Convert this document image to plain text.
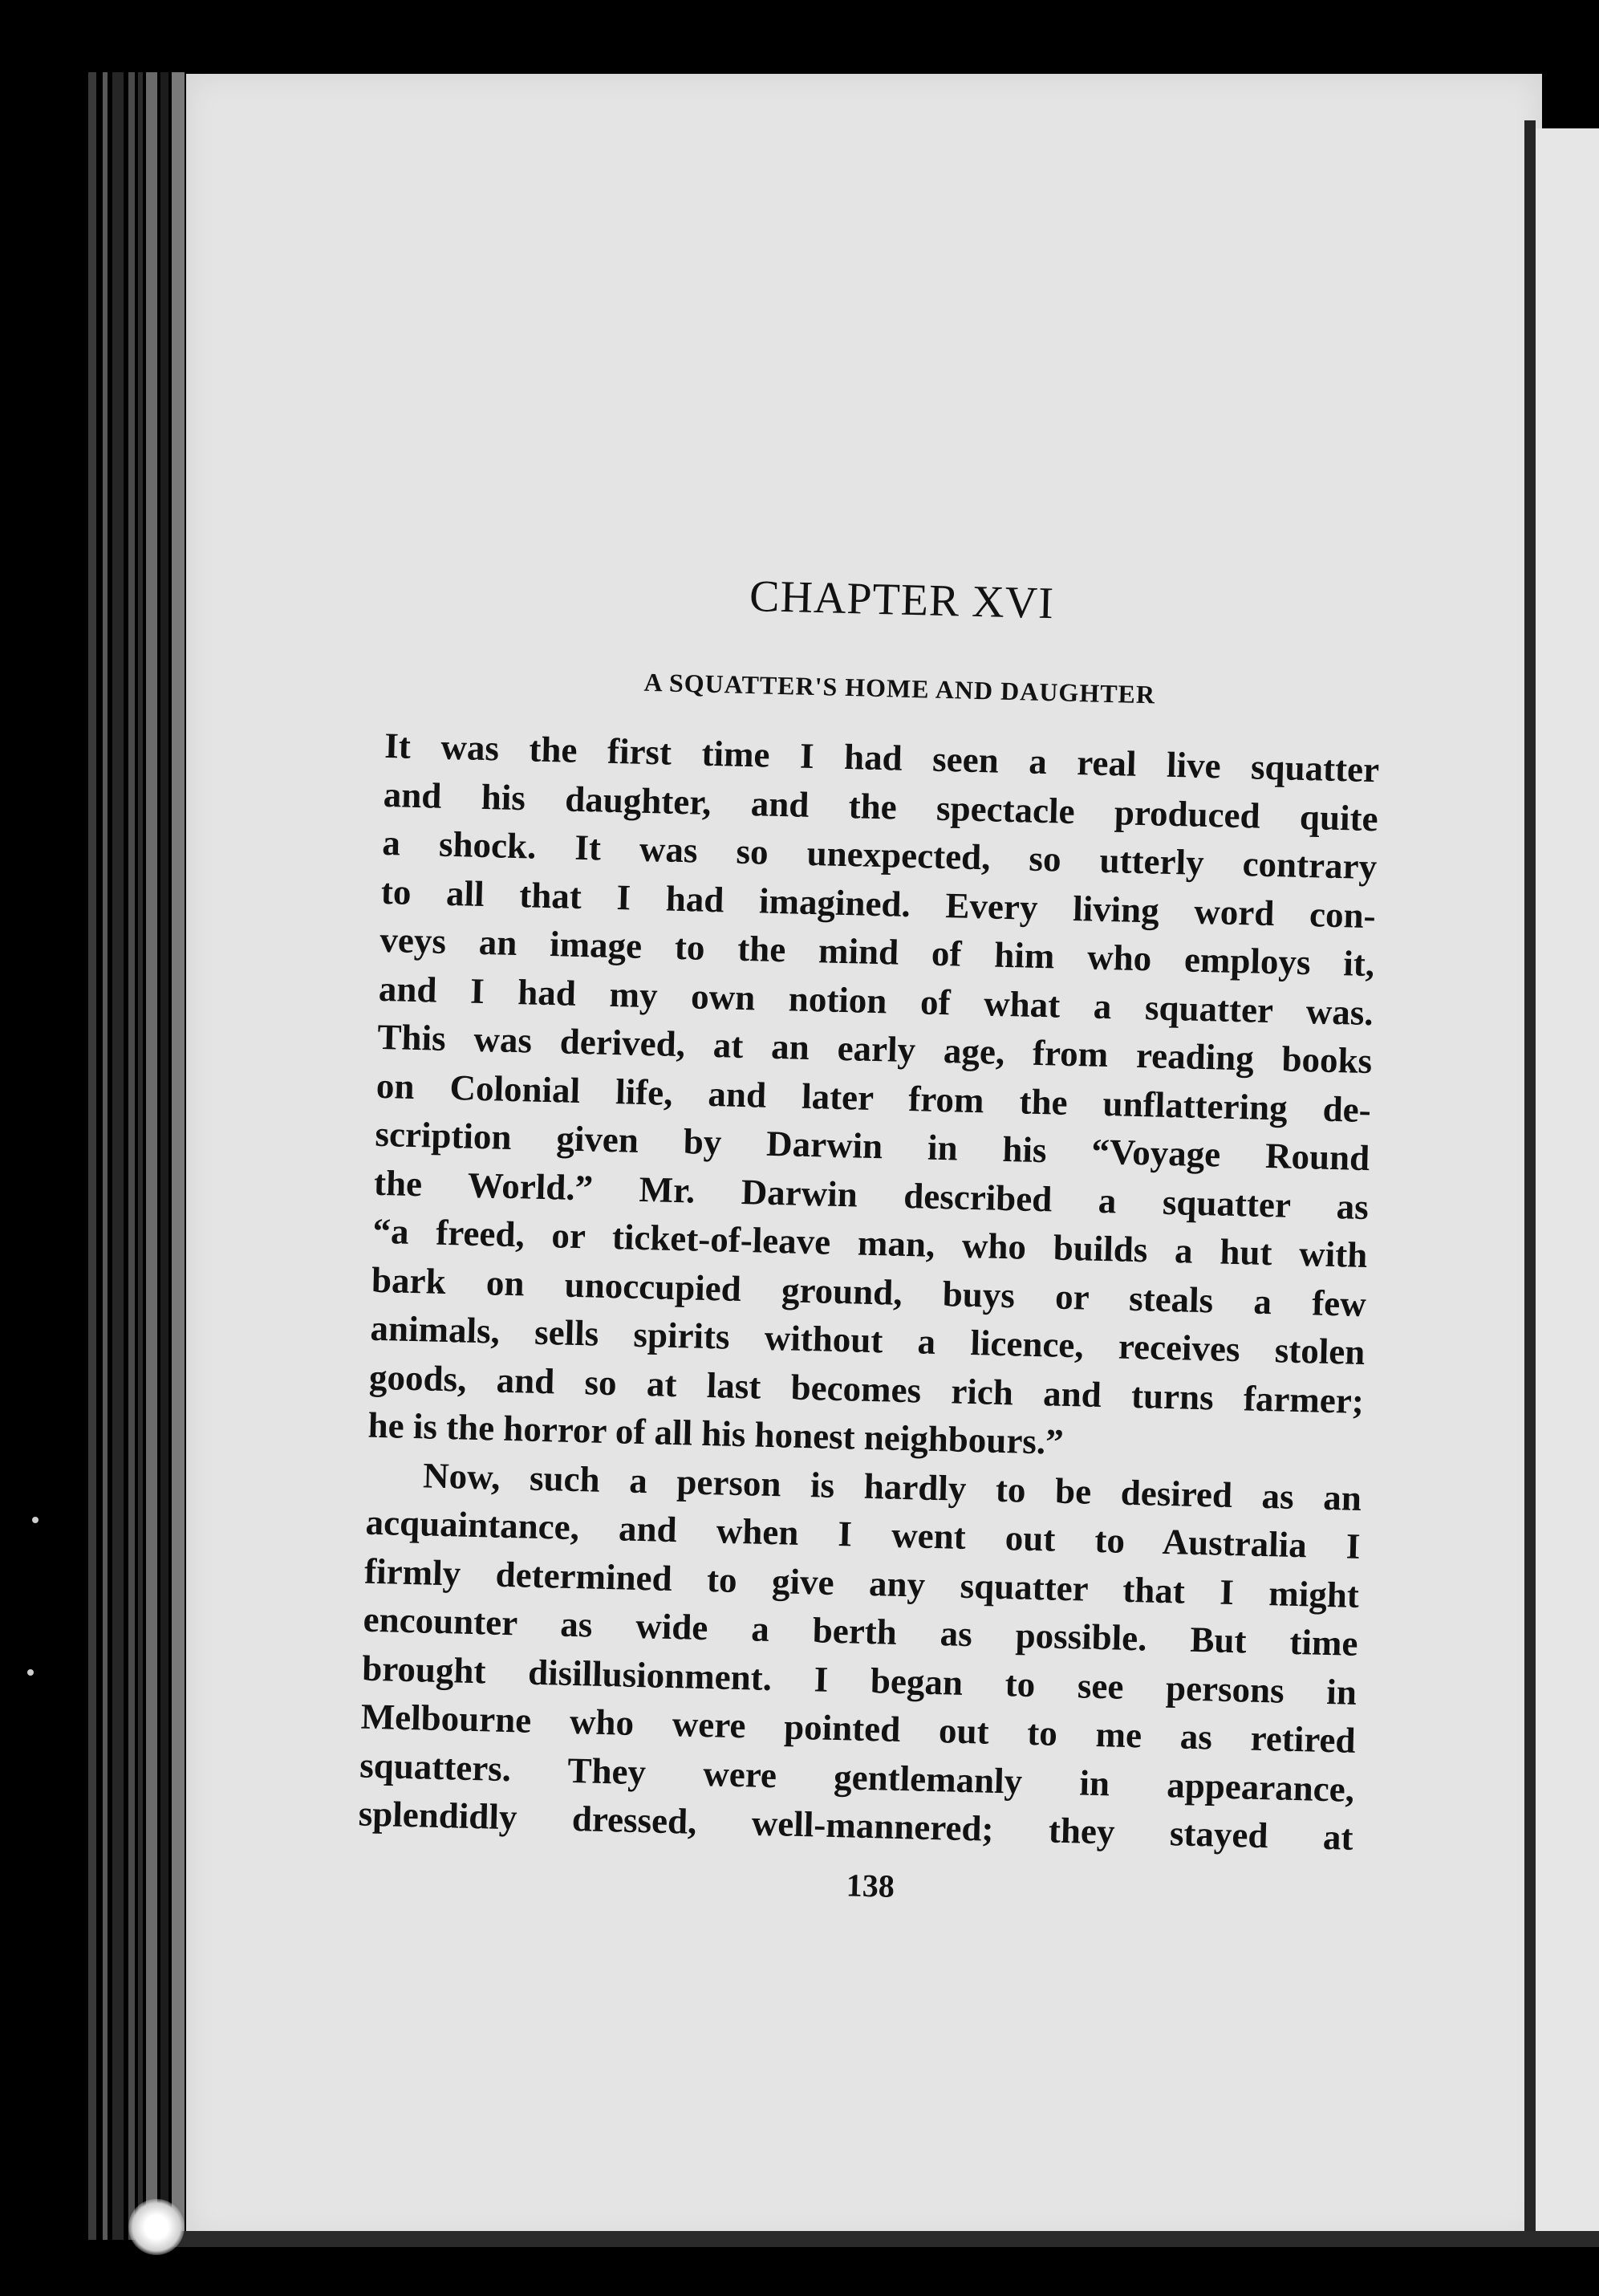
CHAPTER XVI
A SQUATTER'S HOME AND DAUGHTER
It was the first time I had seen a real live squatter
and his daughter, and the spectacle produced quite
a shock. It was so unexpected, so utterly contrary
to all that I had imagined. Every living word con-
veys an image to the mind of him who employs it,
and I had my own notion of what a squatter was.
This was derived, at an early age, from reading books
on Colonial life, and later from the unflattering de-
scription given by Darwin in his “Voyage Round
the World.” Mr. Darwin described a squatter as
“a freed, or ticket-of-leave man, who builds a hut with
bark on unoccupied ground, buys or steals a few
animals, sells spirits without a licence, receives stolen
goods, and so at last becomes rich and turns farmer;
he is the horror of all his honest neighbours.”
Now, such a person is hardly to be desired as an
acquaintance, and when I went out to Australia I
firmly determined to give any squatter that I might
encounter as wide a berth as possible. But time
brought disillusionment. I began to see persons in
Melbourne who were pointed out to me as retired
squatters. They were gentlemanly in appearance,
splendidly dressed, well-mannered; they stayed at
138
